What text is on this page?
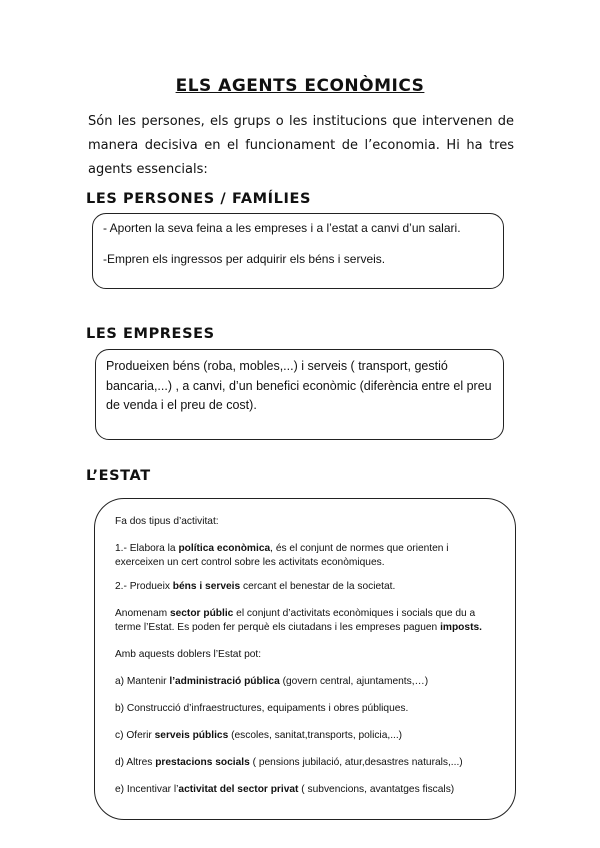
ELS AGENTS ECONÒMICS
Són les persones, els grups o les institucions que intervenen de manera decisiva en el funcionament de l’economia. Hi ha tres agents essencials:
LES PERSONES / FAMÍLIES

- Aporten la seva feina a les empreses i a l’estat a canvi d’un salari.

-Empren els ingressos per adquirir els béns i serveis.

LES EMPRESES
Produeixen béns (roba, mobles,...) i serveis ( transport, gestió bancaria,...) , a canvi, d’un benefici econòmic (diferència entre el preu de venda i el preu de cost).
L’ESTAT

Fa dos tipus d’activitat:

1.- Elabora la política econòmica, és el conjunt de normes que orienten i exerceixen un cert control sobre les activitats econòmiques.

2.- Produeix béns i serveis cercant el benestar de la societat.

Anomenam sector públic el conjunt d’activitats econòmiques i socials que du a terme l’Estat. Es poden fer perquè els ciutadans i les empreses paguen imposts.

Amb aquests doblers l’Estat pot:

a) Mantenir l’administració pública (govern central, ajuntaments,…)

b) Construcció d’infraestructures, equipaments i obres públiques.

c) Oferir serveis públics (escoles, sanitat,transports, policia,...)

d) Altres prestacions socials ( pensions jubilació, atur,desastres naturals,...)

e) Incentivar l’activitat del sector privat ( subvencions, avantatges fiscals)
